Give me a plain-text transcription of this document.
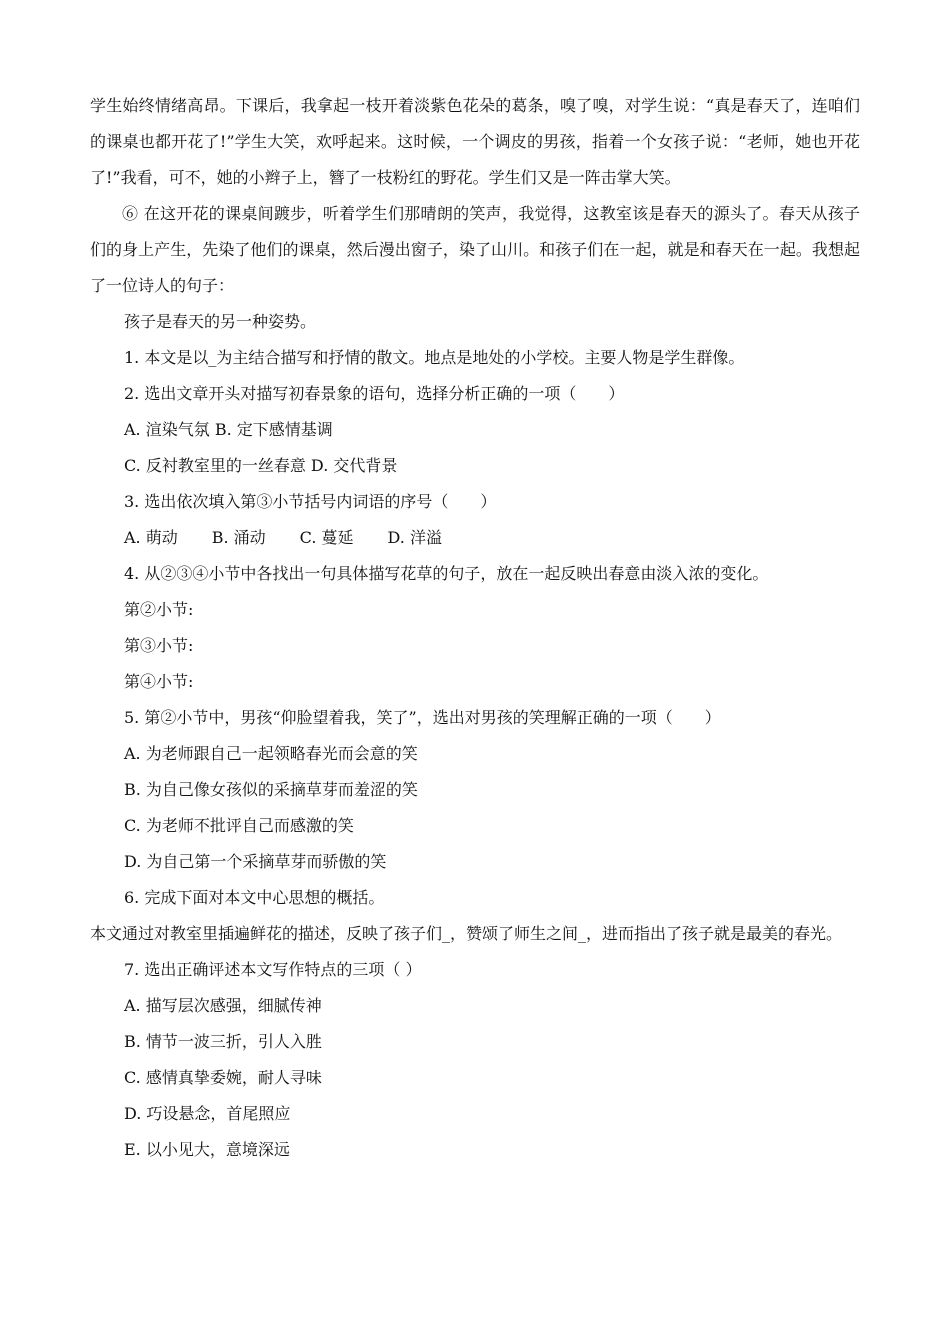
学生始终情绪高昂。下课后，我拿起一枝开着淡紫色花朵的葛条，嗅了嗅，对学生说：“真是春天了，连咱们的课桌也都开花了!”学生大笑，欢呼起来。这时候，一个调皮的男孩，指着一个女孩子说：“老师，她也开花了!”我看，可不，她的小辫子上，簪了一枝粉红的野花。学生们又是一阵击掌大笑。

⑥ 在这开花的课桌间踱步，听着学生们那晴朗的笑声，我觉得，这教室该是春天的源头了。春天从孩子们的身上产生，先染了他们的课桌，然后漫出窗子，染了山川。和孩子们在一起，就是和春天在一起。我想起了一位诗人的句子：

孩子是春天的另一种姿势。

1. 本文是以_为主结合描写和抒情的散文。地点是地处的小学校。主要人物是学生群像。

2. 选出文章开头对描写初春景象的语句，选择分析正确的一项（　　）

A. 渲染气氛 B. 定下感情基调

C. 反衬教室里的一丝春意 D. 交代背景

3. 选出依次填入第③小节括号内词语的序号（　　）

A. 萌动 B. 涌动 C. 蔓延 D. 洋溢

4. 从②③④小节中各找出一句具体描写花草的句子，放在一起反映出春意由淡入浓的变化。

第②小节:

第③小节:

第④小节:

5. 第②小节中，男孩“仰脸望着我，笑了”，选出对男孩的笑理解正确的一项（　　）

A. 为老师跟自己一起领略春光而会意的笑

B. 为自己像女孩似的采摘草芽而羞涩的笑

C. 为老师不批评自己而感激的笑

D. 为自己第一个采摘草芽而骄傲的笑

6. 完成下面对本文中心思想的概括。

本文通过对教室里插遍鲜花的描述，反映了孩子们_，赞颂了师生之间_，进而指出了孩子就是最美的春光。

7. 选出正确评述本文写作特点的三项（ ）

A. 描写层次感强，细腻传神

B. 情节一波三折，引人入胜

C. 感情真挚委婉，耐人寻味

D. 巧设悬念，首尾照应

E. 以小见大，意境深远
